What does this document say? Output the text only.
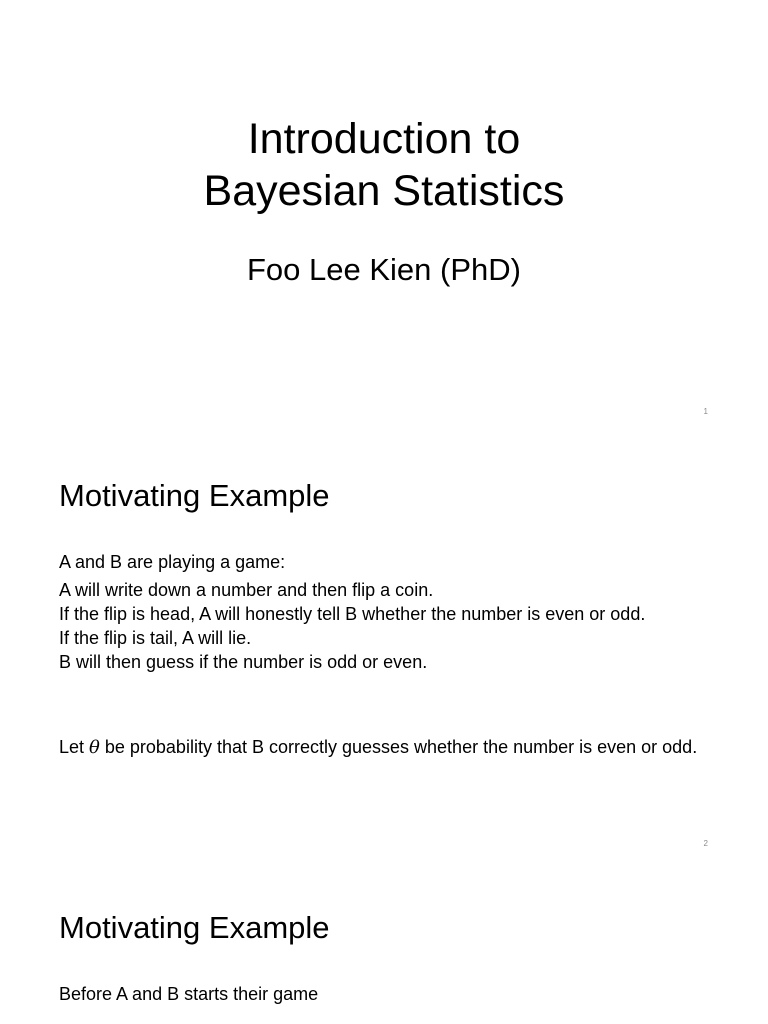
Introduction to
Bayesian Statistics
Foo Lee Kien (PhD)
1
Motivating Example
A and B are playing a game:
A will write down a number and then flip a coin.
If the flip is head, A will honestly tell B whether the number is even or odd.
If the flip is tail, A will lie.
B will then guess if the number is odd or even.
Let θ be probability that B correctly guesses whether the number is even or odd.
2
Motivating Example
Before A and B starts their game
